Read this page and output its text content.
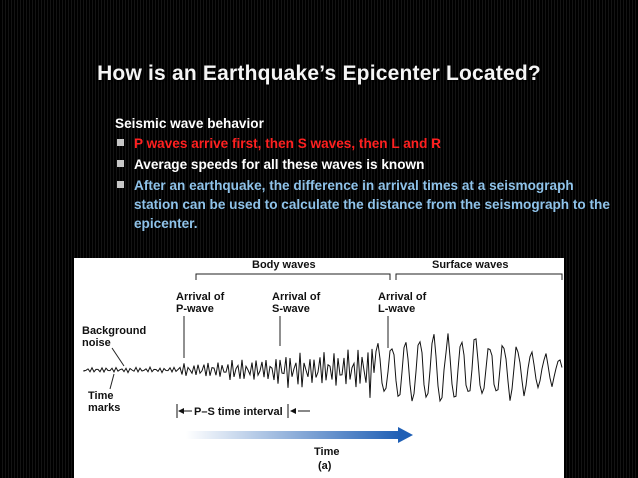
How is an Earthquake’s Epicenter Located?
Seismic wave behavior
P waves arrive first, then S waves, then L and R
Average speeds for all these waves is known
After an earthquake, the difference in arrival times at a seismograph station can be used to calculate the distance from the seismograph to the epicenter.
Body waves	Surface waves
Arrival of
P-wave
Arrival of
S-wave
Arrival of
L-wave
Background
noise
Time
marks	P–S time interval
Time
(a)
